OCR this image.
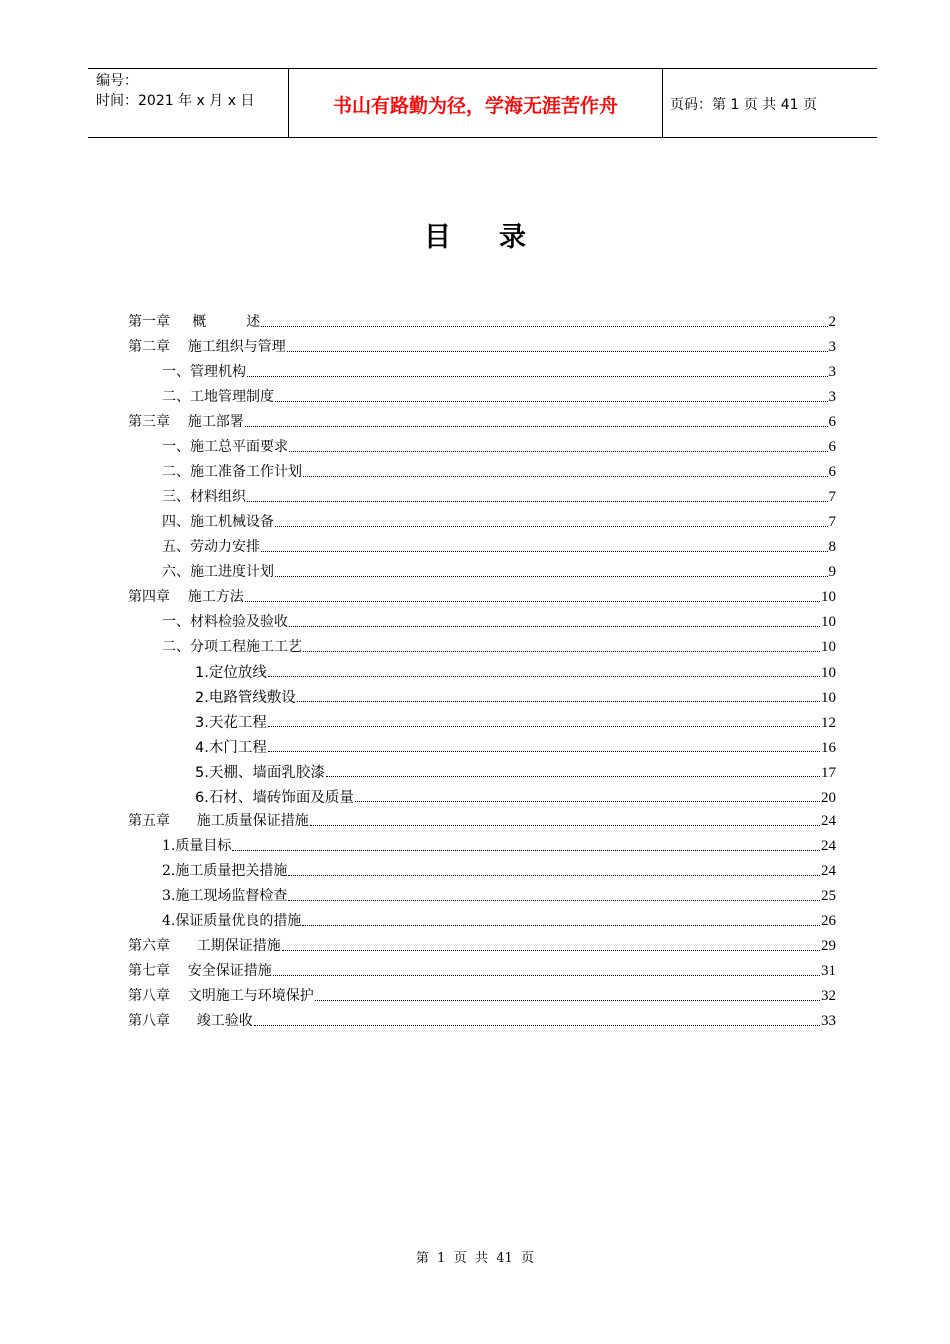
编号：
时间：2021 年 x 月 x 日	书山有路勤为径，学海无涯苦作舟	页码：第 1 页 共 41 页
目录
第一章     概         述	2
第二章    施工组织与管理	3
一、管理机构	3
二、工地管理制度	3
第三章    施工部署	6
一、施工总平面要求	6
二、施工准备工作计划	6
三、材料组织	7
四、施工机械设备	7
五、劳动力安排	8
六、施工进度计划	9
第四章    施工方法	10
一、材料检验及验收	10
二、分项工程施工工艺	10
1.定位放线	10
2.电路管线敷设	10
3.天花工程	12
4.木门工程	16
5.天棚、墙面乳胶漆	17
6.石材、墙砖饰面及质量	20
第五章      施工质量保证措施	24
1.质量目标	24
2.施工质量把关措施	24
3.施工现场监督检查	25
4.保证质量优良的措施	26
第六章      工期保证措施	29
第七章    安全保证措施	31
第八章    文明施工与环境保护	32
第八章      竣工验收	33
第  1  页  共  41  页
